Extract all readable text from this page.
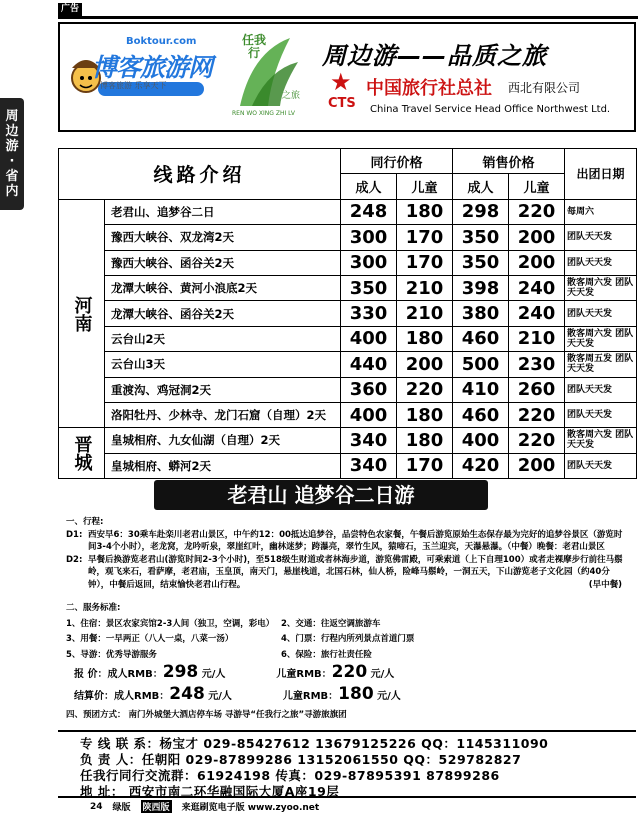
广告
周边游·省内
Boktour.com
博客旅游网
博客旅游 乐享天下
任我行
之旅
REN WO XING ZHI LV
周边游——品质之旅
★
CTS
中国旅行社总社 西北有限公司
China Travel Service Head Office Northwest Ltd.
线路介绍		同行价格		销售价格		出团日期
		成人	儿童	成人	儿童	
河南	老君山、追梦谷二日	248	180	298	220	每周六
	豫西大峡谷、双龙湾2天	300	170	350	200	团队天天发
	豫西大峡谷、函谷关2天	300	170	350	200	团队天天发
	龙潭大峡谷、黄河小浪底2天	350	210	398	240	散客周六发 团队天天发
	龙潭大峡谷、函谷关2天	330	210	380	240	团队天天发
	云台山2天	400	180	460	210	散客周六发 团队天天发
	云台山3天	440	200	500	230	散客周五发 团队天天发
	重渡沟、鸡冠洞2天	360	220	410	260	团队天天发
	洛阳牡丹、少林寺、龙门石窟（自理）2天	400	180	460	220	团队天天发
晋城	皇城相府、九女仙湖（自理）2天	340	180	400	220	散客周六发 团队天天发
	皇城相府、蟒河2天	340	170	420	200	团队天天发
老君山 追梦谷二日游
一、行程:
D1: 西安早6：30乘车赴栾川老君山景区，中午约12：00抵达追梦谷，品尝特色农家餐，午餐后游览原始生态保存最为完好的追梦谷景区（游览时间3-4个小时），老龙窝，龙吟听泉，翠崖红叶，幽林迷梦；跨瀑亮，翠竹生风，猿啼石，玉兰迎宾，天瀑悬瀑。（中餐）晚餐：老君山景区
D2: 早餐后换游览老君山(游览时间2-3个小时)，至518级生财道或者林海步道，游览佛雷殿，可乘索道（上下自理100）或者走裸摩步行前往马鬃岭，观飞来石，看萨摩，老君庙，玉皇顶，南天门，悬崖栈道，北国石林，仙人桥，险峰马鬃岭，一洞五天，下山游览老子文化园（约40分钟），中餐后返回，结束愉快老君山行程。	(早中餐)
二、服务标准:
1、住宿：景区农家宾馆2-3人间（独卫，空调，彩电） 2、交通：往返空调旅游车
3、用餐：一早两正（八人一桌，八菜一汤）	4、门票：行程内所列景点首道门票
5、导游：优秀导游服务	6、保险：旅行社责任险
报 价：成人RMB：298 元/人	儿童RMB：220 元/人
结算价：成人RMB：248 元/人	儿童RMB：180 元/人
四、预团方式： 南门外城堡大酒店停车场 寻游导“任我行之旅”寻游旅旗团
专 线 联 系：杨宝才 029-85427612 13679125226 QQ：1145311090
负 责 人：任朝阳 029-87899286 13152061550 QQ：529782827
任我行同行交流群：61924198 传真：029-87895391 87899286
地 址： 西安市南二环华融国际大厦A座19层
24 绿版 陕西版 来逛刷览电子版 www.zyoo.net
